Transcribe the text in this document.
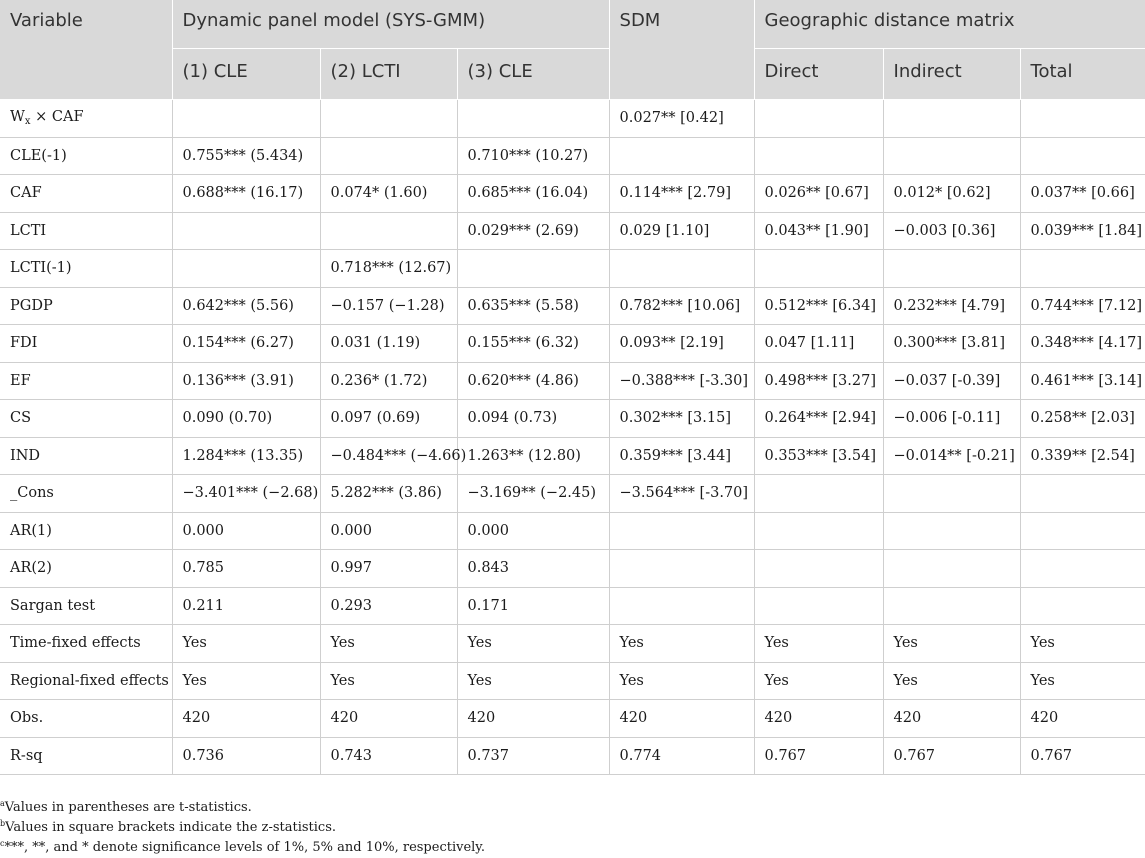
Variable	Dynamic panel model (SYS-GMM)			SDM	Geographic distance matrix		
	(1) CLE	(2) LCTI	(3) CLE		Direct	Indirect	Total
$W_x$ × CAF				0.027** [0.42]			
CLE(-1)	0.755*** (5.434)		0.710*** (10.27)				
CAF	0.688*** (16.17)	0.074* (1.60)	0.685*** (16.04)	0.114*** [2.79]	0.026** [0.67]	0.012* [0.62]	0.037** [0.66]
LCTI			0.029*** (2.69)	0.029 [1.10]	0.043** [1.90]	−0.003 [0.36]	0.039*** [1.84]
LCTI(-1)		0.718*** (12.67)					
PGDP	0.642*** (5.56)	−0.157 (−1.28)	0.635*** (5.58)	0.782*** [10.06]	0.512*** [6.34]	0.232*** [4.79]	0.744*** [7.12]
FDI	0.154*** (6.27)	0.031 (1.19)	0.155*** (6.32)	0.093** [2.19]	0.047 [1.11]	0.300*** [3.81]	0.348*** [4.17]
EF	0.136*** (3.91)	0.236* (1.72)	0.620*** (4.86)	−0.388*** [-3.30]	0.498*** [3.27]	−0.037 [-0.39]	0.461*** [3.14]
CS	0.090 (0.70)	0.097 (0.69)	0.094 (0.73)	0.302*** [3.15]	0.264*** [2.94]	−0.006 [-0.11]	0.258** [2.03]
IND	1.284*** (13.35)	−0.484*** (−4.66)	1.263** (12.80)	0.359*** [3.44]	0.353*** [3.54]	−0.014** [-0.21]	0.339** [2.54]
_Cons	−3.401*** (−2.68)	5.282*** (3.86)	−3.169** (−2.45)	−3.564*** [-3.70]			
AR(1)	0.000	0.000	0.000				
AR(2)	0.785	0.997	0.843				
Sargan test	0.211	0.293	0.171				
Time-fixed effects	Yes	Yes	Yes	Yes	Yes	Yes	Yes
Regional-fixed effects	Yes	Yes	Yes	Yes	Yes	Yes	Yes
Obs.	420	420	420	420	420	420	420
R-sq	0.736	0.743	0.737	0.774	0.767	0.767	0.767
$^a$Values in parentheses are t-statistics.
$^b$Values in square brackets indicate the z-statistics.
$^c$***, **, and * denote significance levels of 1%, 5% and 10%, respectively.
